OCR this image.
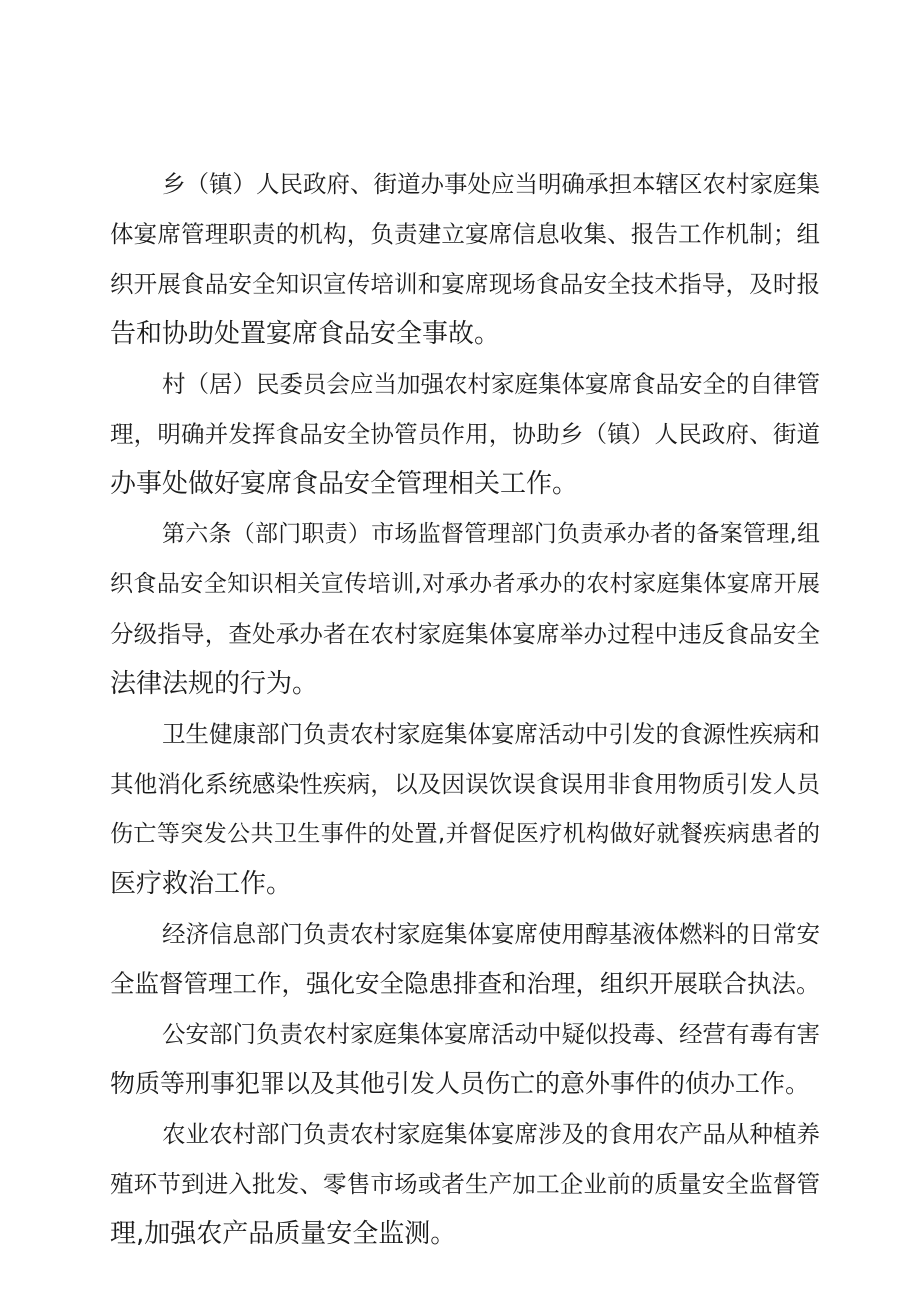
乡（镇）人民政府、街道办事处应当明确承担本辖区农村家庭集
体宴席管理职责的机构，负责建立宴席信息收集、报告工作机制；组
织开展食品安全知识宣传培训和宴席现场食品安全技术指导，及时报
告和协助处置宴席食品安全事故。
村（居）民委员会应当加强农村家庭集体宴席食品安全的自律管
理，明确并发挥食品安全协管员作用，协助乡（镇）人民政府、街道
办事处做好宴席食品安全管理相关工作。
第六条（部门职责）市场监督管理部门负责承办者的备案管理,组
织食品安全知识相关宣传培训,对承办者承办的农村家庭集体宴席开展
分级指导，查处承办者在农村家庭集体宴席举办过程中违反食品安全
法律法规的行为。
卫生健康部门负责农村家庭集体宴席活动中引发的食源性疾病和
其他消化系统感染性疾病，以及因误饮误食误用非食用物质引发人员
伤亡等突发公共卫生事件的处置,并督促医疗机构做好就餐疾病患者的
医疗救治工作。
经济信息部门负责农村家庭集体宴席使用醇基液体燃料的日常安
全监督管理工作，强化安全隐患排查和治理，组织开展联合执法。
公安部门负责农村家庭集体宴席活动中疑似投毒、经营有毒有害
物质等刑事犯罪以及其他引发人员伤亡的意外事件的侦办工作。
农业农村部门负责农村家庭集体宴席涉及的食用农产品从种植养
殖环节到进入批发、零售市场或者生产加工企业前的质量安全监督管
理,加强农产品质量安全监测。
